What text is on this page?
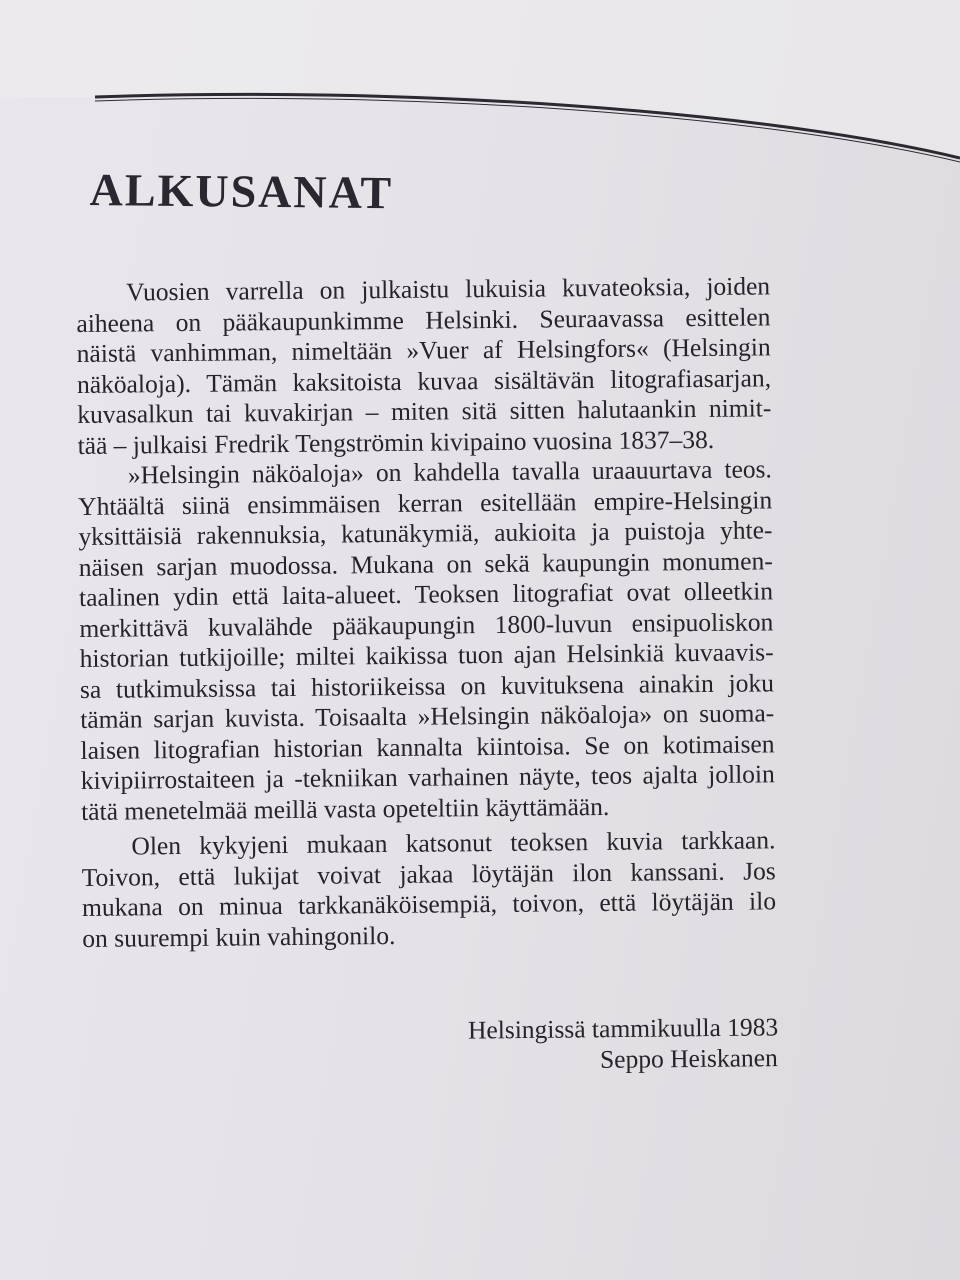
ALKUSANAT
Vuosien varrella on julkaistu lukuisia kuvateoksia, joiden
aiheena on pääkaupunkimme Helsinki. Seuraavassa esittelen
näistä vanhimman, nimeltään »Vuer af Helsingfors« (Helsingin
näköaloja). Tämän kaksitoista kuvaa sisältävän litografiasarjan,
kuvasalkun tai kuvakirjan – miten sitä sitten halutaankin nimit-
tää – julkaisi Fredrik Tengströmin kivipaino vuosina 1837–38.
»Helsingin näköaloja» on kahdella tavalla uraauurtava teos.
Yhtäältä siinä ensimmäisen kerran esitellään empire-Helsingin
yksittäisiä rakennuksia, katunäkymiä, aukioita ja puistoja yhte-
näisen sarjan muodossa. Mukana on sekä kaupungin monumen-
taalinen ydin että laita-alueet. Teoksen litografiat ovat olleetkin
merkittävä kuvalähde pääkaupungin 1800-luvun ensipuoliskon
historian tutkijoille; miltei kaikissa tuon ajan Helsinkiä kuvaavis-
sa tutkimuksissa tai historiikeissa on kuvituksena ainakin joku
tämän sarjan kuvista. Toisaalta »Helsingin näköaloja» on suoma-
laisen litografian historian kannalta kiintoisa. Se on kotimaisen
kivipiirrostaiteen ja -tekniikan varhainen näyte, teos ajalta jolloin
tätä menetelmää meillä vasta opeteltiin käyttämään.
Olen kykyjeni mukaan katsonut teoksen kuvia tarkkaan.
Toivon, että lukijat voivat jakaa löytäjän ilon kanssani. Jos
mukana on minua tarkkanäköisempiä, toivon, että löytäjän ilo
on suurempi kuin vahingonilo.
Helsingissä tammikuulla 1983
Seppo Heiskanen
